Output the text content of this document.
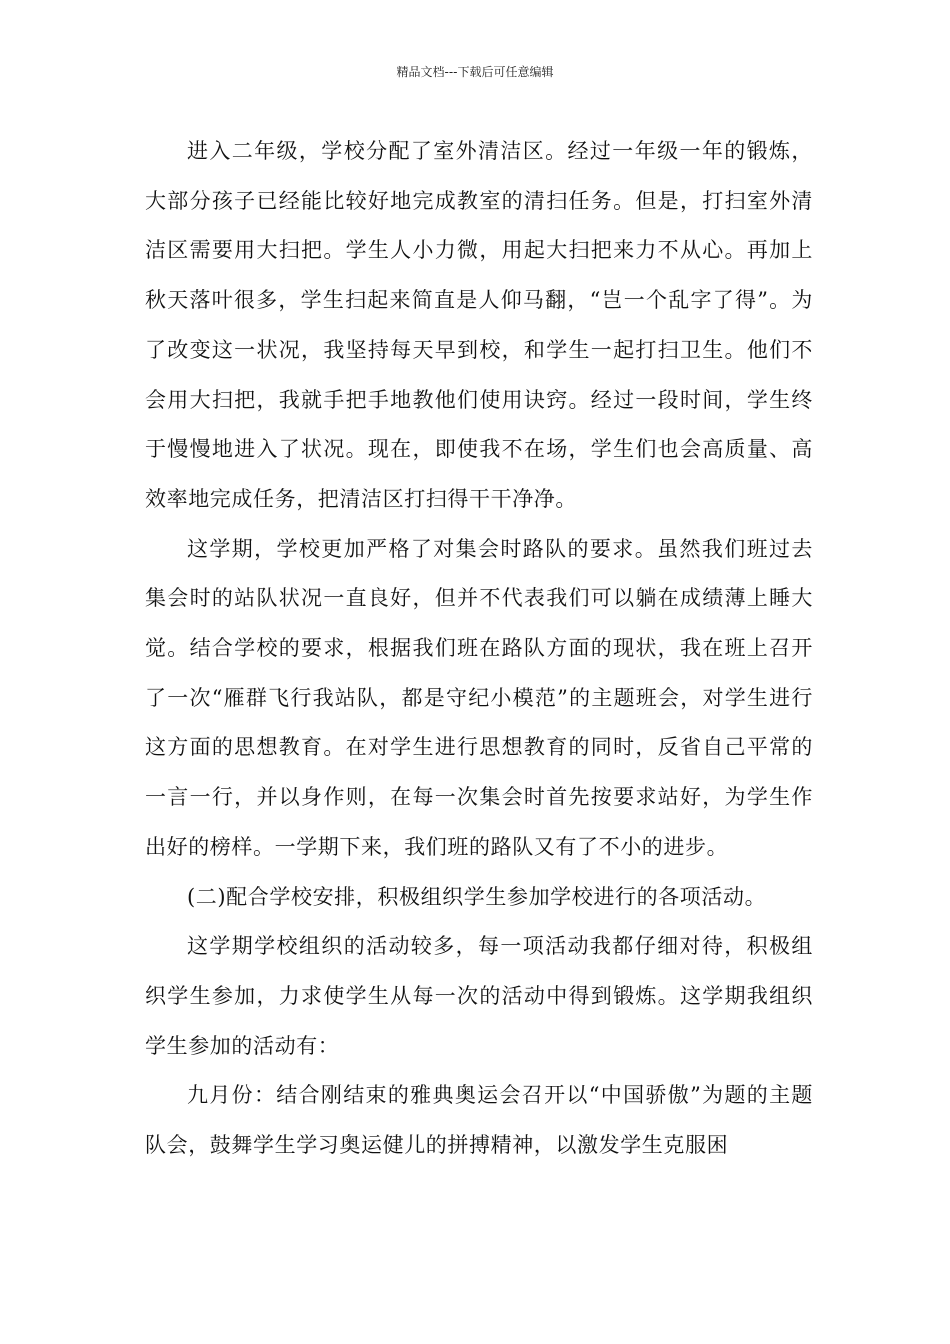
精品文档---下载后可任意编辑

进入二年级，学校分配了室外清洁区。经过一年级一年的锻炼，大部分孩子已经能比较好地完成教室的清扫任务。但是，打扫室外清洁区需要用大扫把。学生人小力微，用起大扫把来力不从心。再加上秋天落叶很多，学生扫起来简直是人仰马翻，“岂一个乱字了得”。为了改变这一状况，我坚持每天早到校，和学生一起打扫卫生。他们不会用大扫把，我就手把手地教他们使用诀窍。经过一段时间，学生终于慢慢地进入了状况。现在，即使我不在场，学生们也会高质量、高效率地完成任务，把清洁区打扫得干干净净。

这学期，学校更加严格了对集会时路队的要求。虽然我们班过去集会时的站队状况一直良好，但并不代表我们可以躺在成绩薄上睡大觉。结合学校的要求，根据我们班在路队方面的现状，我在班上召开了一次“雁群飞行我站队，都是守纪小模范”的主题班会，对学生进行这方面的思想教育。在对学生进行思想教育的同时，反省自己平常的一言一行，并以身作则，在每一次集会时首先按要求站好，为学生作出好的榜样。一学期下来，我们班的路队又有了不小的进步。

(二)配合学校安排，积极组织学生参加学校进行的各项活动。

这学期学校组织的活动较多，每一项活动我都仔细对待，积极组织学生参加，力求使学生从每一次的活动中得到锻炼。这学期我组织学生参加的活动有：

九月份：结合刚结束的雅典奥运会召开以“中国骄傲”为题的主题队会，鼓舞学生学习奥运健儿的拼搏精神，以激发学生克服困
